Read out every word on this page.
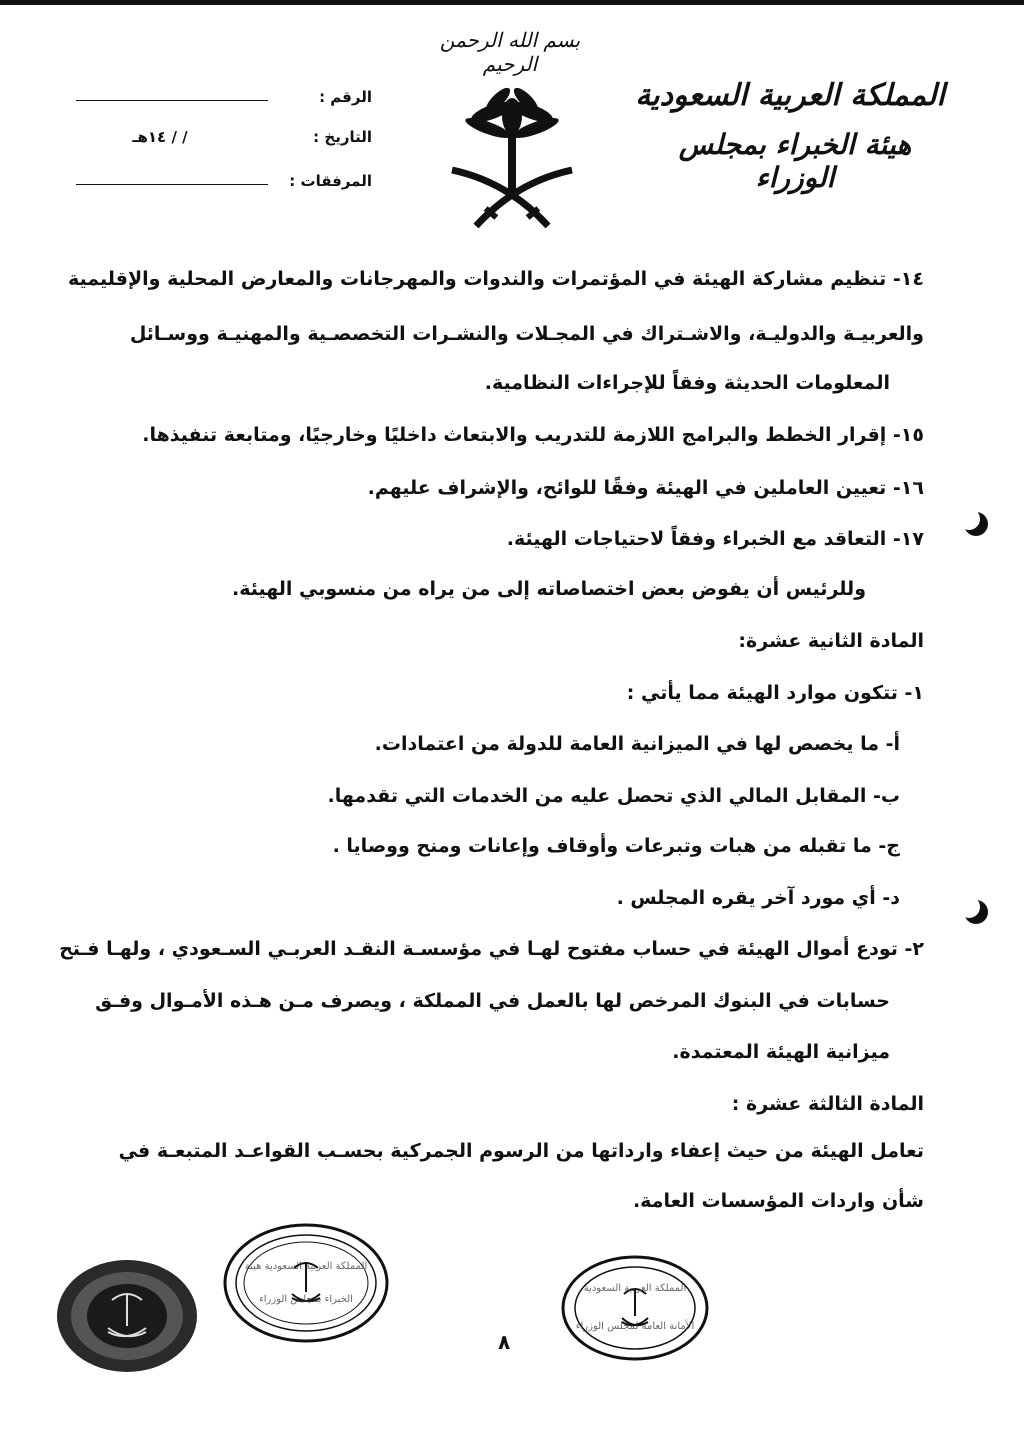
بسم الله الرحمن الرحيم
المملكة العربية السعودية
هيئة الخبراء بمجلس الوزراء
الرقم :
التاريخ :
/ / ١٤هـ
المرفقات :
١٤- تنظيم مشاركة الهيئة في المؤتمرات والندوات والمهرجانات والمعارض المحلية والإقليمية
والعربيـة والدوليـة، والاشـتراك في المجـلات والنشـرات التخصصـية والمهنيـة ووسـائل
المعلومات الحديثة وفقاً للإجراءات النظامية.
١٥- إقرار الخطط والبرامج اللازمة للتدريب والابتعاث داخليًا وخارجيًا، ومتابعة تنفيذها.
١٦- تعيين العاملين في الهيئة وفقًا للوائح، والإشراف عليهم.
١٧- التعاقد مع الخبراء وفقاً لاحتياجات الهيئة.
وللرئيس أن يفوض بعض اختصاصاته إلى من يراه من منسوبي الهيئة.
المادة الثانية عشرة:
١- تتكون موارد الهيئة مما يأتي :
أ- ما يخصص لها في الميزانية العامة للدولة من اعتمادات.
ب- المقابل المالي الذي تحصل عليه من الخدمات التي تقدمها.
ج- ما تقبله من هبات وتبرعات وأوقاف وإعانات ومنح ووصايا .
د- أي مورد آخر يقره المجلس .
٢- تودع أموال الهيئة في حساب مفتوح لهـا في مؤسسـة النقـد العربـي السـعودي ، ولهـا فـتح
حسابات في البنوك المرخص لها بالعمل في المملكة ، ويصرف مـن هـذه الأمـوال وفـق
ميزانية الهيئة المعتمدة.
المادة الثالثة عشرة :
تعامل الهيئة من حيث إعفاء وارداتها من الرسوم الجمركية بحسـب القواعـد المتبعـة في
شأن واردات المؤسسات العامة.
المملكة العربية السعودية هيئة الخبراء بمجلس الوزراء
المملكة العربية السعودية الأمانة العامة لمجلس الوزراء
٨
